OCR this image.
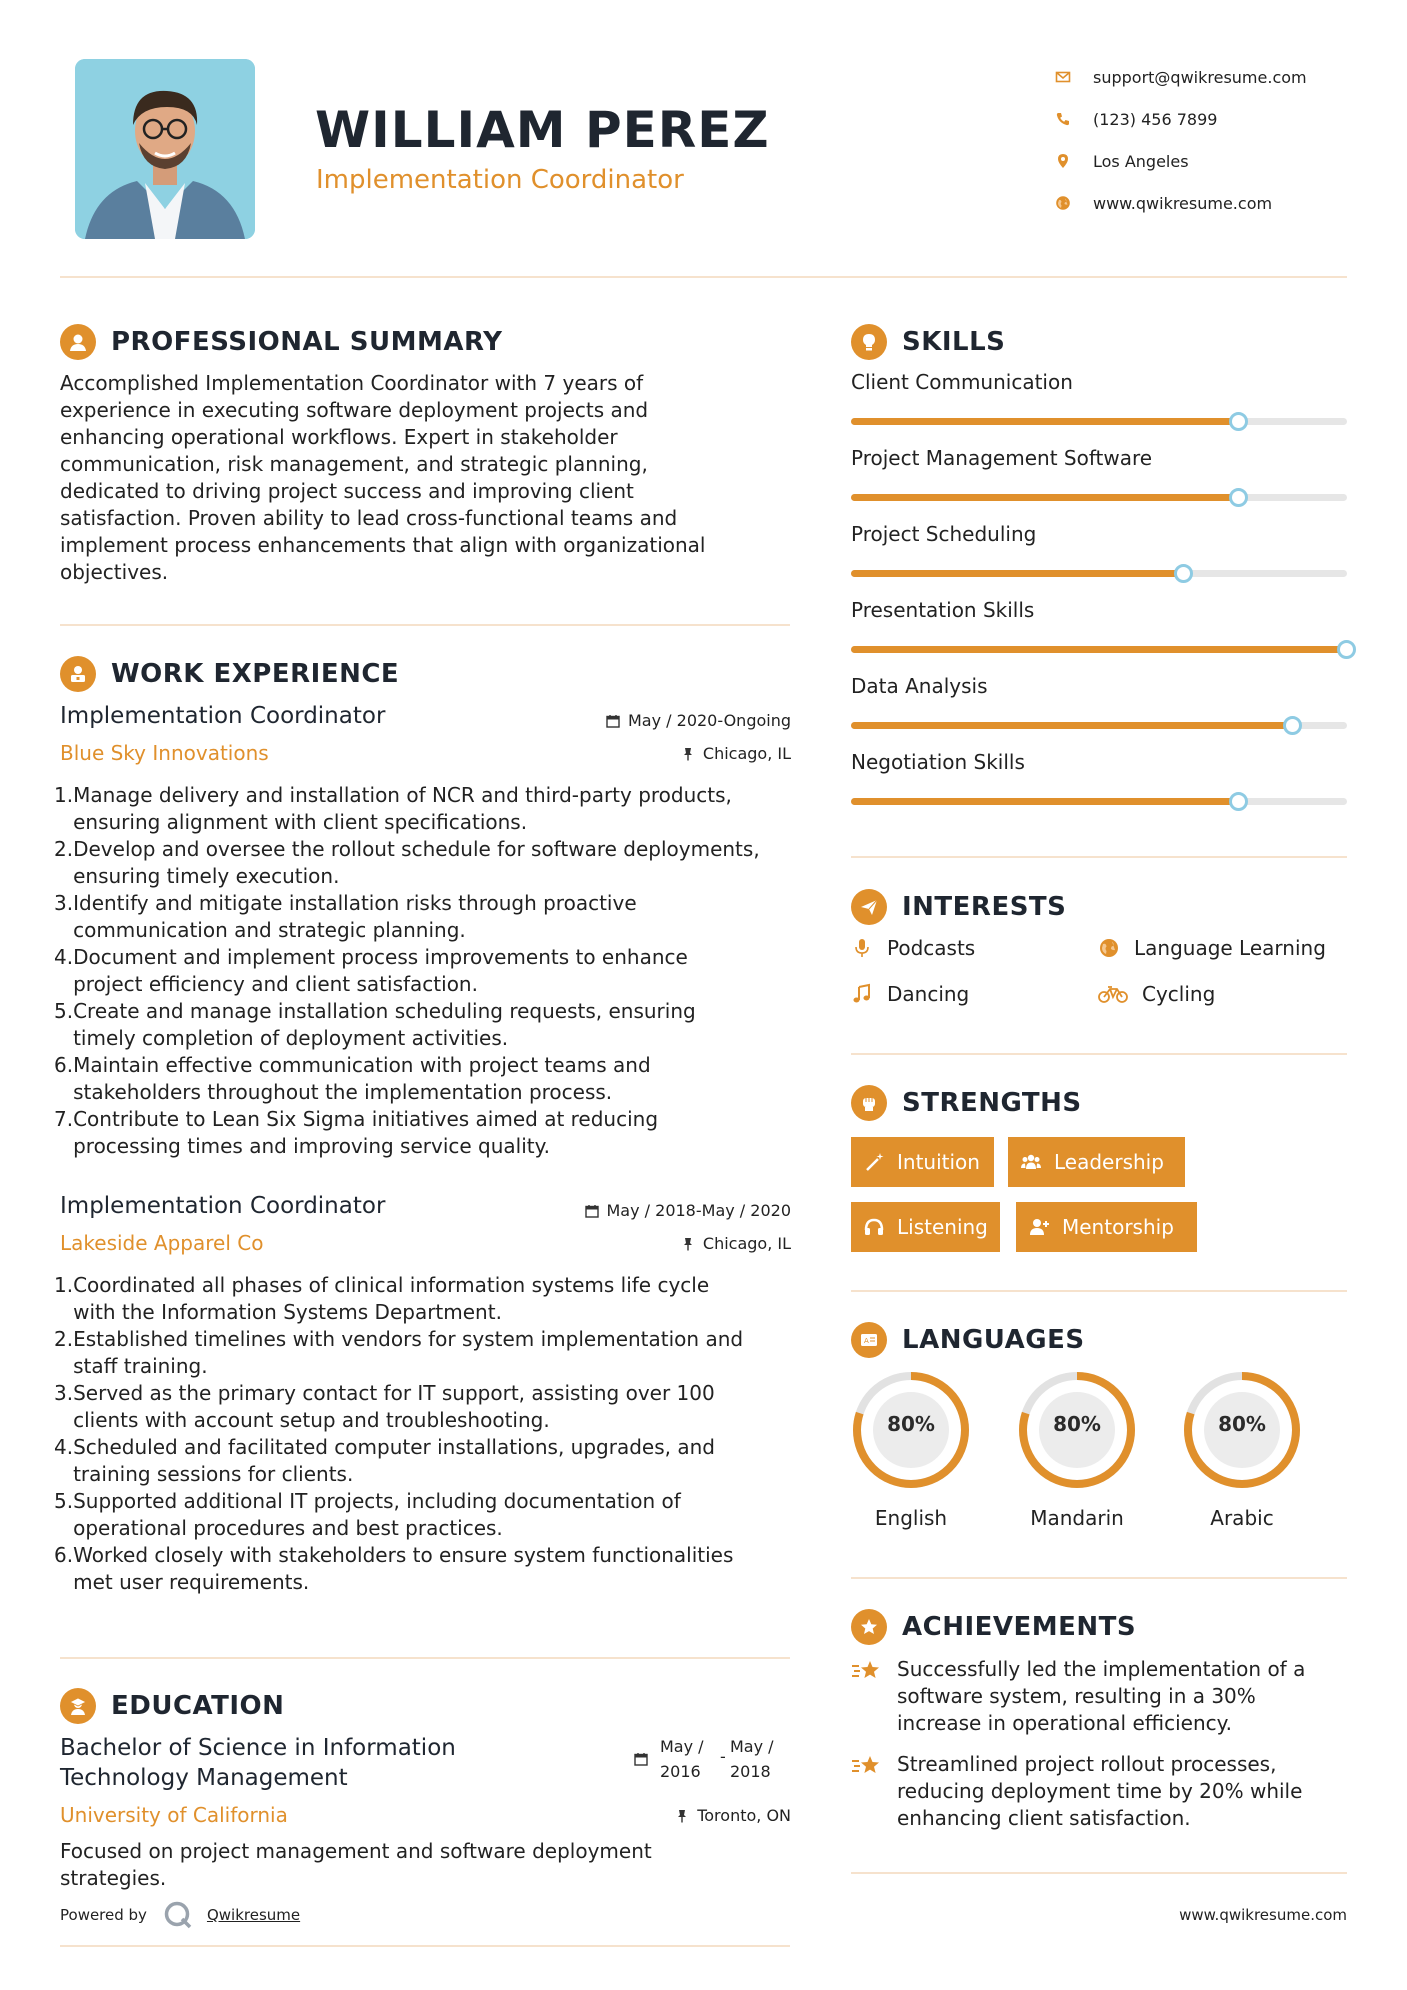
WILLIAM PEREZ
Implementation Coordinator
support@qwikresume.com
(123) 456 7899
Los Angeles
www.qwikresume.com
PROFESSIONAL SUMMARY
Accomplished Implementation Coordinator with 7 years of
experience in executing software deployment projects and
enhancing operational workflows. Expert in stakeholder
communication, risk management, and strategic planning,
dedicated to driving project success and improving client
satisfaction. Proven ability to lead cross-functional teams and
implement process enhancements that align with organizational
objectives.
WORK EXPERIENCE
Implementation Coordinator	May / 2020-Ongoing
Blue Sky Innovations	Chicago, IL
1. Manage delivery and installation of NCR and third-party products,
ensuring alignment with client specifications.
2. Develop and oversee the rollout schedule for software deployments,
ensuring timely execution.
3. Identify and mitigate installation risks through proactive
communication and strategic planning.
4. Document and implement process improvements to enhance
project efficiency and client satisfaction.
5. Create and manage installation scheduling requests, ensuring
timely completion of deployment activities.
6. Maintain effective communication with project teams and
stakeholders throughout the implementation process.
7. Contribute to Lean Six Sigma initiatives aimed at reducing
processing times and improving service quality.
Implementation Coordinator	May / 2018-May / 2020
Lakeside Apparel Co	Chicago, IL
1. Coordinated all phases of clinical information systems life cycle
with the Information Systems Department.
2. Established timelines with vendors for system implementation and
staff training.
3. Served as the primary contact for IT support, assisting over 100
clients with account setup and troubleshooting.
4. Scheduled and facilitated computer installations, upgrades, and
training sessions for clients.
5. Supported additional IT projects, including documentation of
operational procedures and best practices.
6. Worked closely with stakeholders to ensure system functionalities
met user requirements.
EDUCATION
Bachelor of Science in Information
Technology Management
May /
2016
-
May /
2018
University of California	Toronto, ON
Focused on project management and software deployment
strategies.
SKILLS
Client Communication
Project Management Software
Project Scheduling
Presentation Skills
Data Analysis
Negotiation Skills
INTERESTS
Podcasts	Language Learning
Dancing	Cycling
STRENGTHS
Intuition	Leadership
Listening	Mentorship
A LANGUAGES
80%
English
80%
Mandarin
80%
Arabic
ACHIEVEMENTS
Successfully led the implementation of a
software system, resulting in a 30%
increase in operational efficiency.
Streamlined project rollout processes,
reducing deployment time by 20% while
enhancing client satisfaction.
Powered by	Qwikresume	www.qwikresume.com
